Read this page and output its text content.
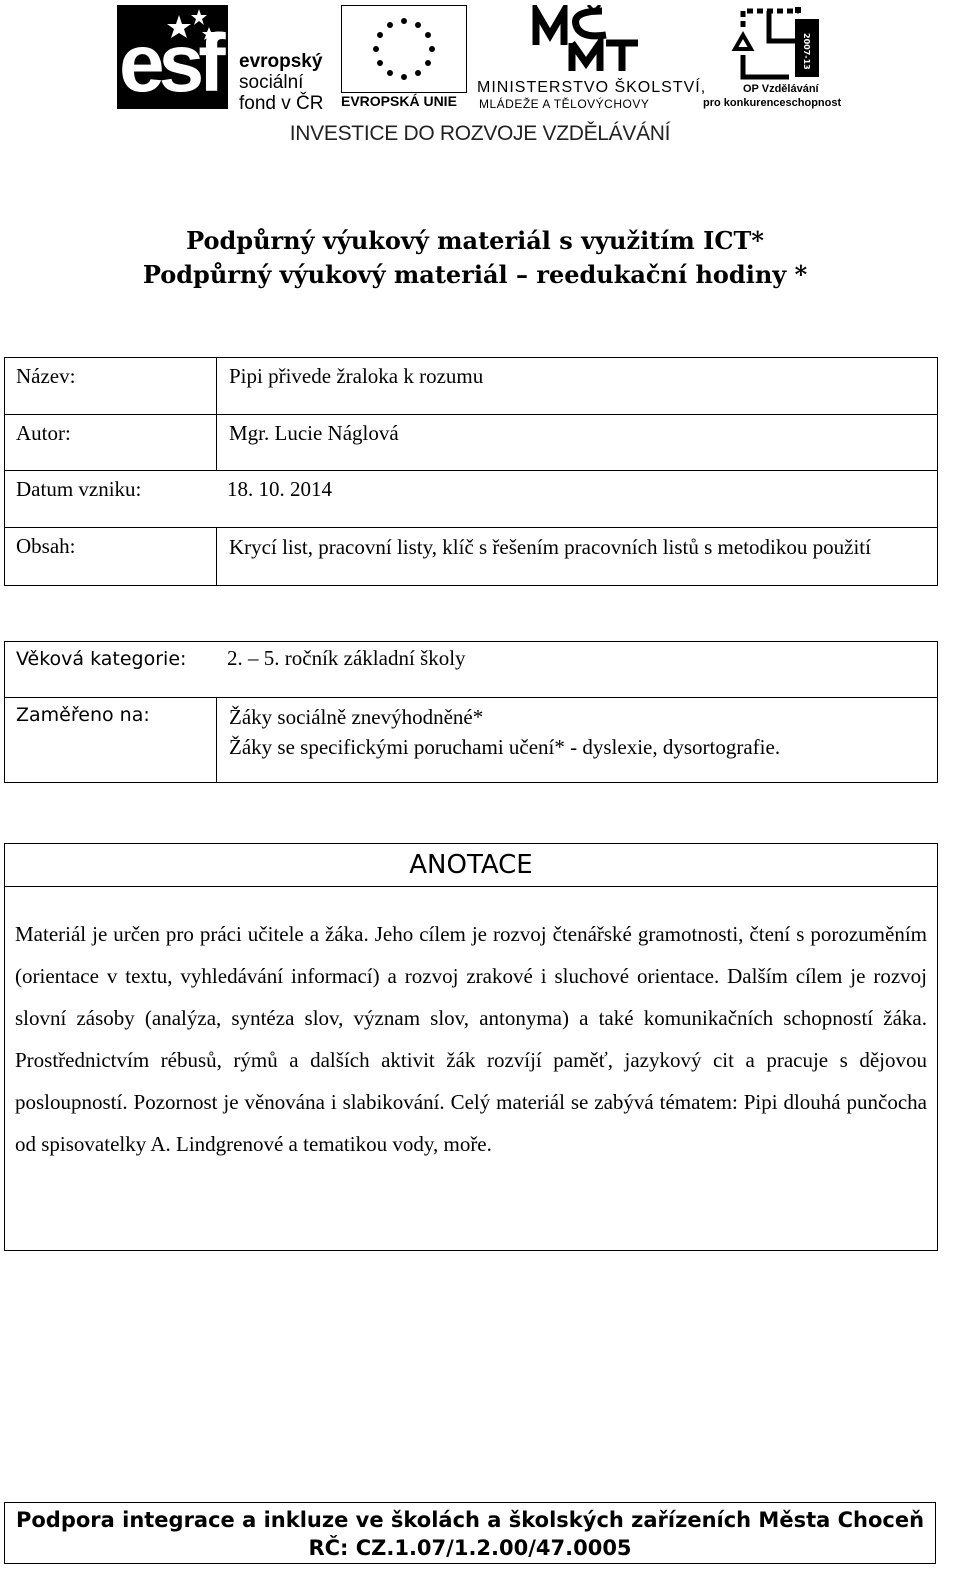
esf evropský
sociální
fond v ČR EVROPSKÁ UNIE
MINISTERSTVO ŠKOLSTVÍ,
MLÁDEŽE A TĚLOVÝCHOVY
2007-13
OP Vzdělávání
pro konkurenceschopnost
INVESTICE DO ROZVOJE VZDĚLÁVÁNÍ
Podpůrný výukový materiál s využitím ICT*
Podpůrný výukový materiál – reedukační hodiny *
Název:	Pipi přivede žraloka k rozumu
Autor:	Mgr. Lucie Náglová
Datum vzniku: 18. 10. 2014	
Obsah:	Krycí list, pracovní listy, klíč s řešením pracovních listů s metodikou použití
Věková kategorie: 2. – 5. ročník základní školy
Zaměřeno na:	Žáky sociálně znevýhodněné*
Žáky se specifickými poruchami učení* - dyslexie, dysortografie.
ANOTACE
Materiál je určen pro práci učitele a žáka. Jeho cílem je rozvoj čtenářské gramotnosti, čtení s porozuměním (orientace v textu, vyhledávání informací) a rozvoj zrakové i sluchové orientace. Dalším cílem je rozvoj slovní zásoby (analýza, syntéza slov, význam slov, antonyma) a také komunikačních schopností žáka. Prostřednictvím rébusů, rýmů a dalších aktivit žák rozvíjí paměť, jazykový cit a pracuje s dějovou posloupností. Pozornost je věnována i slabikování. Celý materiál se zabývá tématem: Pipi dlouhá punčocha od spisovatelky A. Lindgrenové a tematikou vody, moře.
Podpora integrace a inkluze ve školách a školských zařízeních Města Choceň
RČ: CZ.1.07/1.2.00/47.0005
